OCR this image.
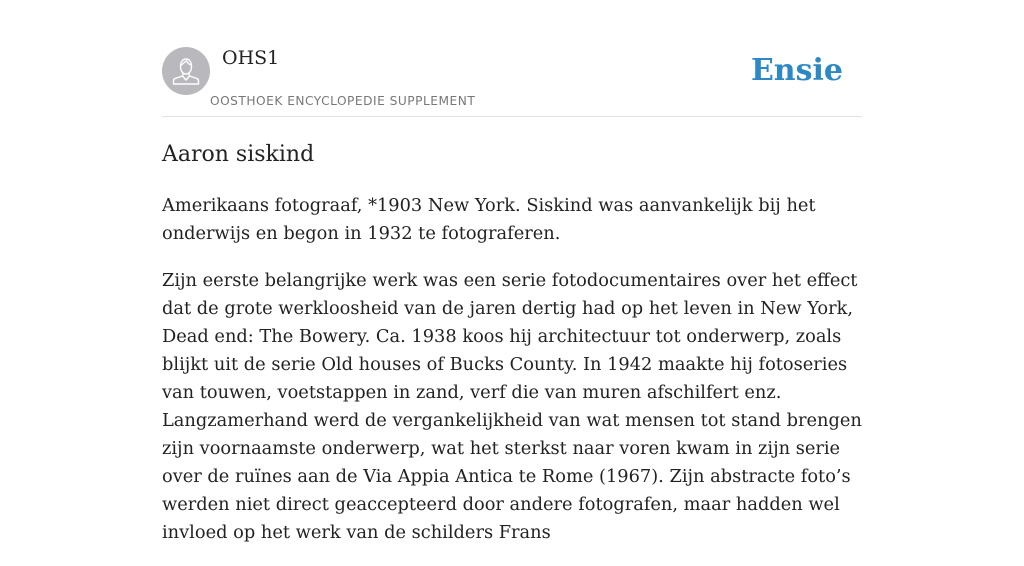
OHS1
OOSTHOEK ENCYCLOPEDIE SUPPLEMENT
Ensie
Aaron siskind

Amerikaans fotograaf, *1903 New York. Siskind was aanvankelijk bij het onderwijs en begon in 1932 te fotograferen.

Zijn eerste belangrijke werk was een serie fotodocumentaires over het effect dat de grote werkloosheid van de jaren dertig had op het leven in New York, Dead end: The Bowery. Ca. 1938 koos hij architectuur tot onderwerp, zoals blijkt uit de serie Old houses of Bucks County. In 1942 maakte hij fotoseries van touwen, voetstappen in zand, verf die van muren afschilfert enz. Langzamerhand werd de vergankelijkheid van wat mensen tot stand brengen zijn voornaamste onderwerp, wat het sterkst naar voren kwam in zijn serie over de ruïnes aan de Via Appia Antica te Rome (1967). Zijn abstracte foto’s werden niet direct geaccepteerd door andere fotografen, maar hadden wel invloed op het werk van de schilders Frans
